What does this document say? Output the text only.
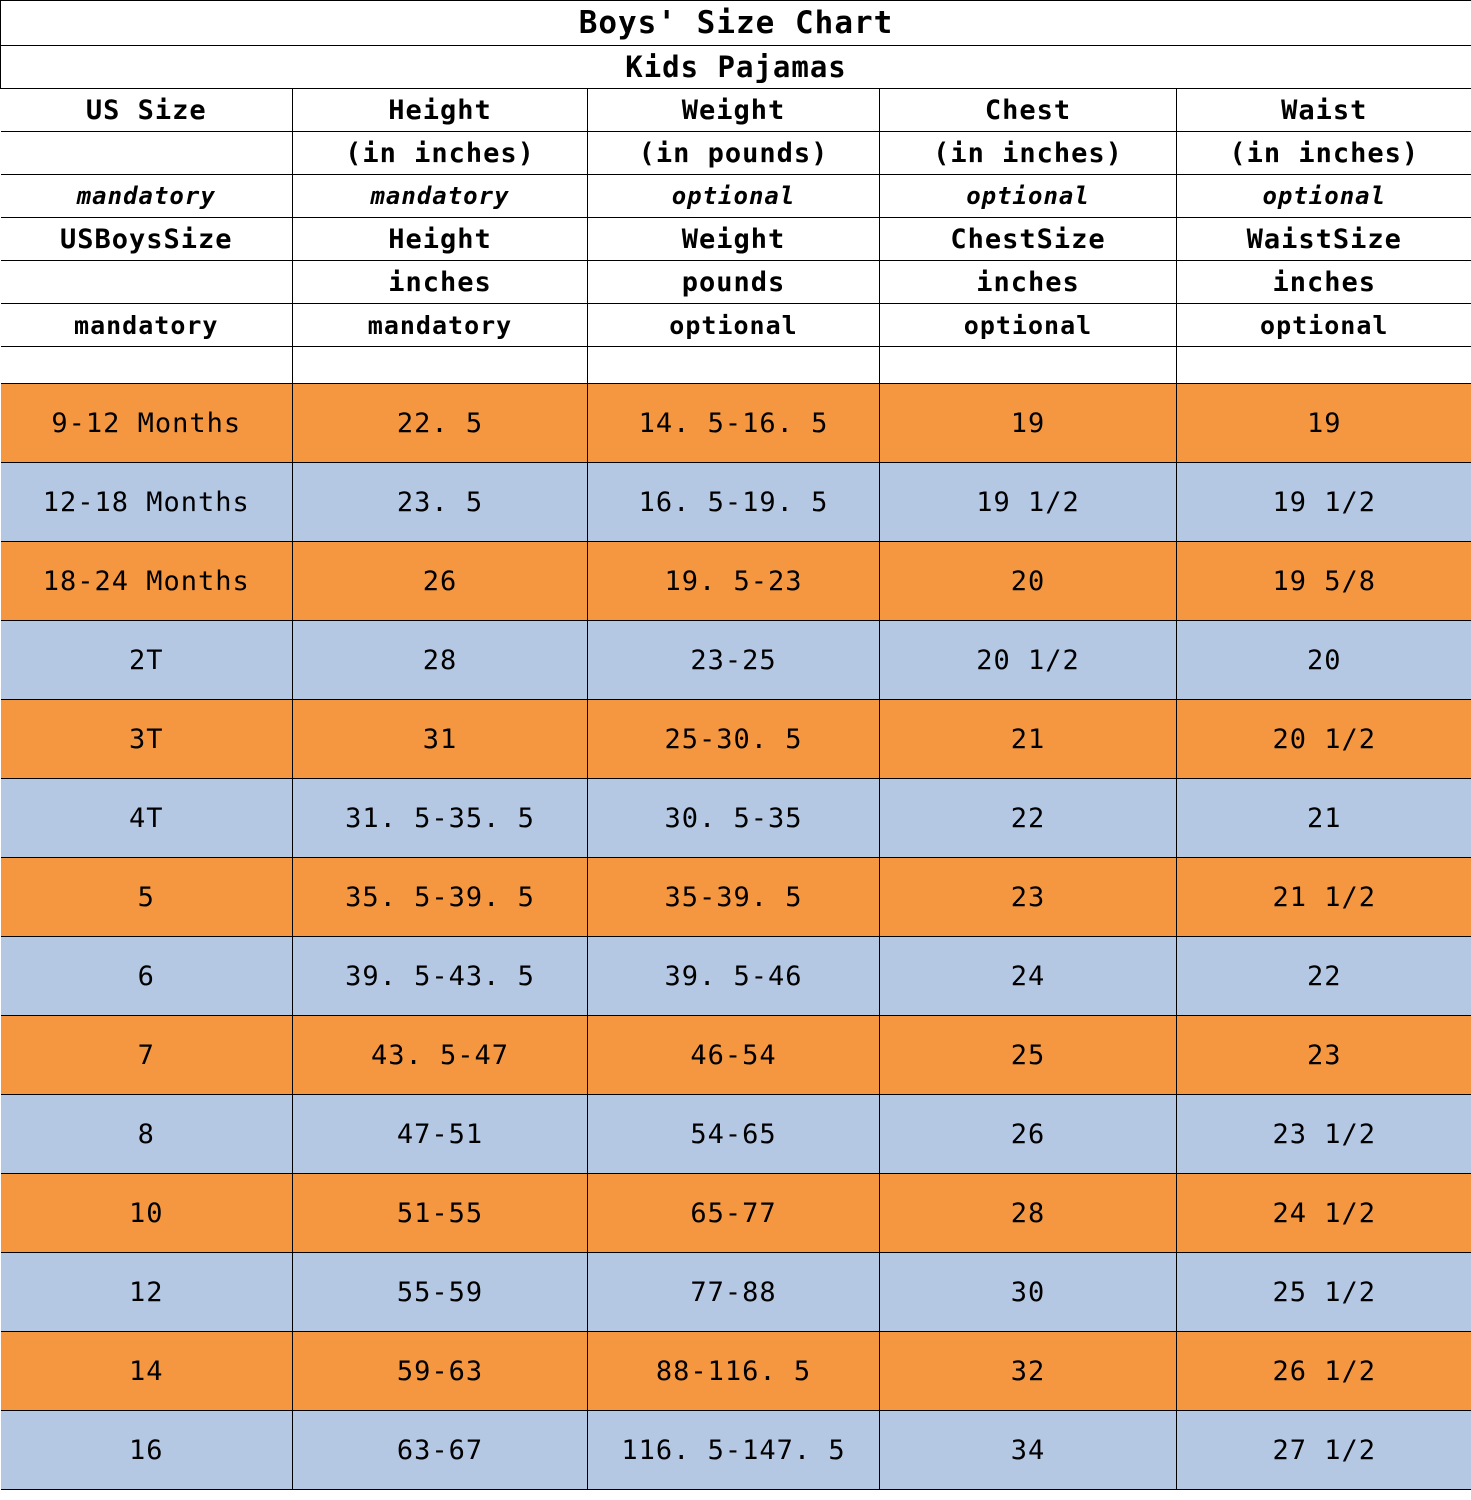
Boys' Size Chart				
Kids Pajamas				
US Size	Height	Weight	Chest	Waist
	(in inches)	(in pounds)	(in inches)	(in inches)
mandatory	mandatory	optional	optional	optional
USBoysSize	Height	Weight	ChestSize	WaistSize
	inches	pounds	inches	inches
mandatory	mandatory	optional	optional	optional

9-12 Months	22. 5	14. 5-16. 5	19	19
12-18 Months	23. 5	16. 5-19. 5	19 1/2	19 1/2
18-24 Months	26	19. 5-23	20	19 5/8
2T	28	23-25	20 1/2	20
3T	31	25-30. 5	21	20 1/2
4T	31. 5-35. 5	30. 5-35	22	21
5	35. 5-39. 5	35-39. 5	23	21 1/2
6	39. 5-43. 5	39. 5-46	24	22
7	43. 5-47	46-54	25	23
8	47-51	54-65	26	23 1/2
10	51-55	65-77	28	24 1/2
12	55-59	77-88	30	25 1/2
14	59-63	88-116. 5	32	26 1/2
16	63-67	116. 5-147. 5	34	27 1/2
